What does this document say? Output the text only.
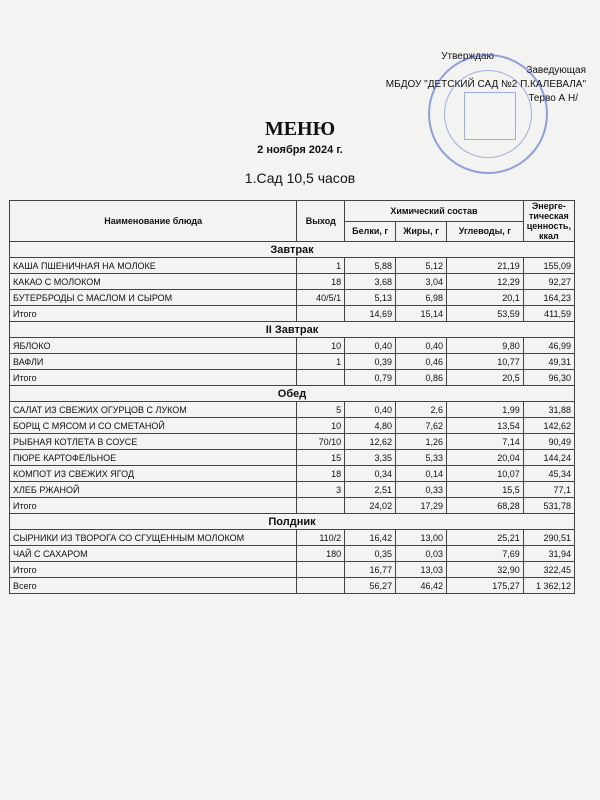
Утверждаю
Заведующая
МБДОУ "ДЕТСКИЙ САД №2 П.КАЛЕВАЛА"
Терво А Н/
МЕНЮ
2 ноября 2024 г.
1.Сад 10,5 часов
Наименование блюда	Выход	Химический состав			Энерге-тическая ценность, ккал
		Белки, г	Жиры, г	Углеводы, г	
Завтрак					
КАША ПШЕНИЧНАЯ НА МОЛОКЕ	1	5,88	5,12	21,19	155,09
КАКАО С МОЛОКОМ	18	3,68	3,04	12,29	92,27
БУТЕРБРОДЫ С МАСЛОМ И СЫРОМ	40/5/1	5,13	6,98	20,1	164,23
Итого		14,69	15,14	53,59	411,59
II Завтрак					
ЯБЛОКО	10	0,40	0,40	9,80	46,99
ВАФЛИ	1	0,39	0,46	10,77	49,31
Итого		0,79	0,86	20,5	96,30
Обед					
САЛАТ ИЗ СВЕЖИХ ОГУРЦОВ С ЛУКОМ	5	0,40	2,6	1,99	31,88
БОРЩ С МЯСОМ И СО СМЕТАНОЙ	10	4,80	7,62	13,54	142,62
РЫБНАЯ КОТЛЕТА В СОУСЕ	70/10	12,62	1,26	7,14	90,49
ПЮРЕ КАРТОФЕЛЬНОЕ	15	3,35	5,33	20,04	144,24
КОМПОТ ИЗ СВЕЖИХ ЯГОД	18	0,34	0,14	10,07	45,34
ХЛЕБ РЖАНОЙ	3	2,51	0,33	15,5	77,1
Итого		24,02	17,29	68,28	531,78
Полдник					
СЫРНИКИ ИЗ ТВОРОГА СО СГУЩЕННЫМ МОЛОКОМ	110/2	16,42	13,00	25,21	290,51
ЧАЙ С САХАРОМ	180	0,35	0,03	7,69	31,94
Итого		16,77	13,03	32,90	322,45
Всего		56,27	46,42	175,27	1 362,12
